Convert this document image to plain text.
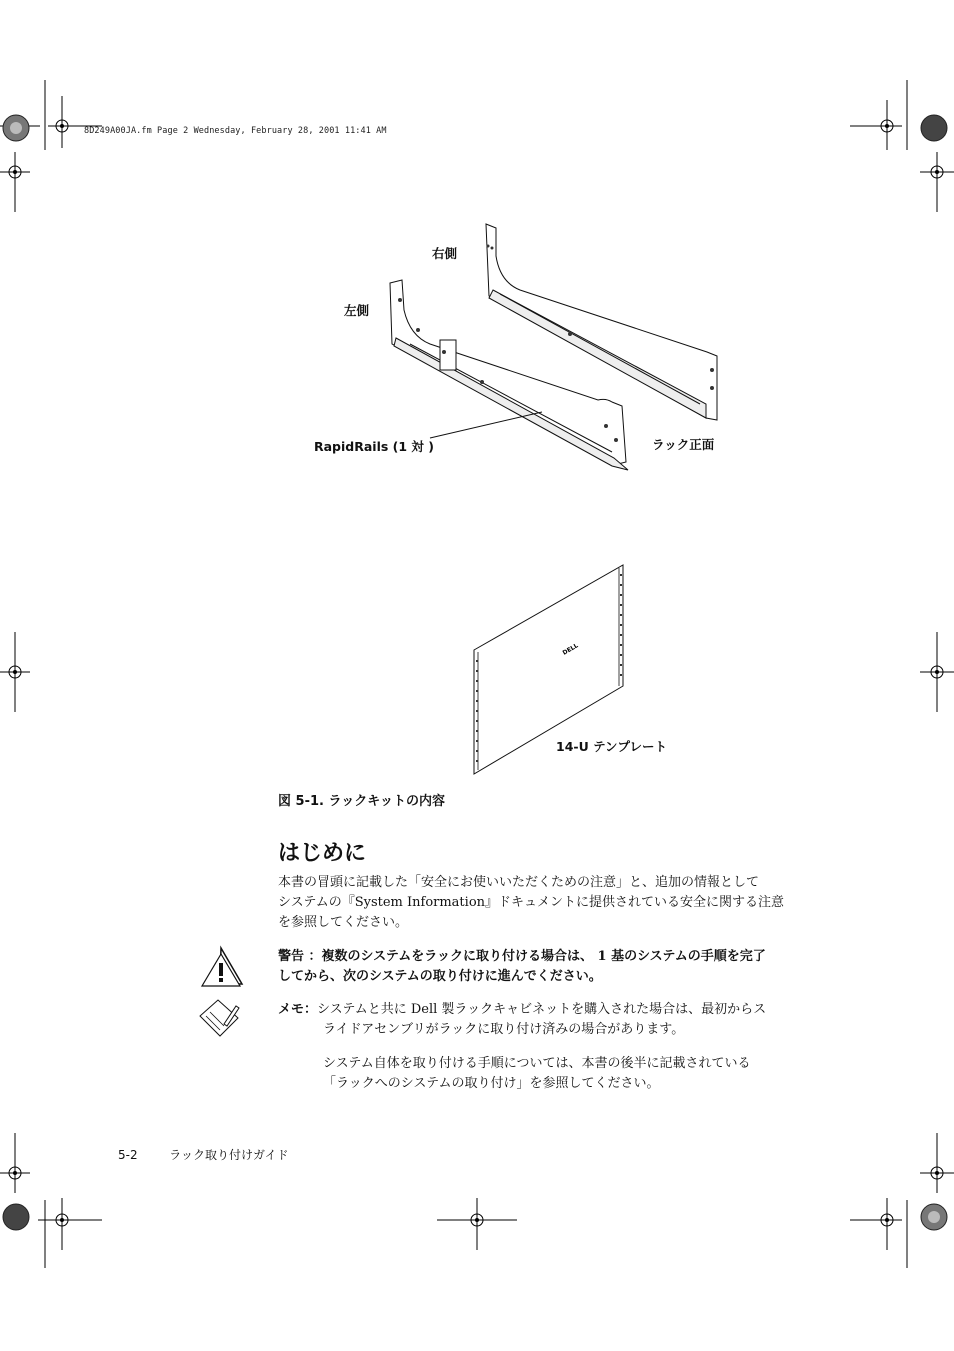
8D249A00JA.fm Page 2 Wednesday, February 28, 2001 11:41 AM
右側
左側
RapidRails (1 対 )	ラック正面
DELL
14-U テンプレート
図 5-1. ラックキットの内容
はじめに

本書の冒頭に記載した「安全にお使いいただくための注意」と、追加の情報として

システムの『System Information』ドキュメントに提供されている安全に関する注意

を参照してください。

警告 ：複数のシステムをラックに取り付ける場合は、 1 基のシステムの手順を完了

してから、次のシステムの取り付けに進んでください。

メモ：システムと共に Dell 製ラックキャビネットを購入された場合は、最初からス

ライドアセンブリがラックに取り付け済みの場合があります。

システム自体を取り付ける手順については、本書の後半に記載されている

「ラックへのシステムの取り付け」を参照してください。

5-2	ラック取り付けガイド
